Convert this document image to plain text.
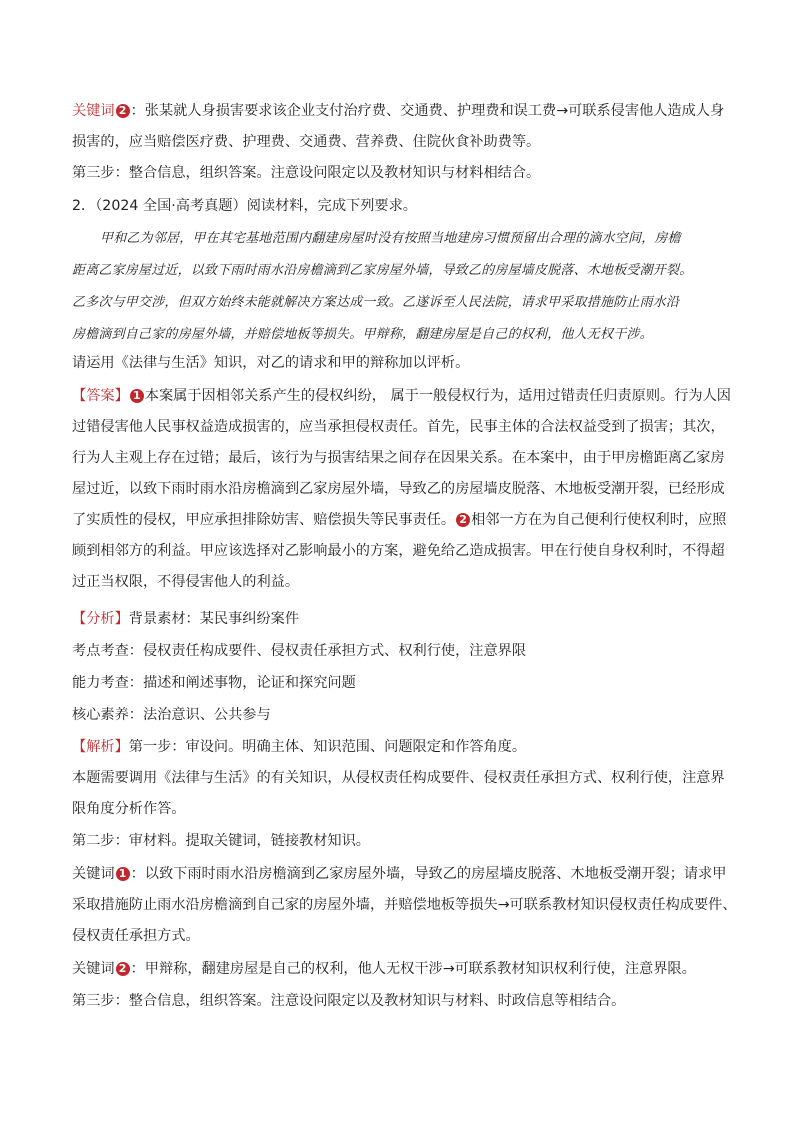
关键词 2 ：张某就人身损害要求该企业支付治疗费、交通费、护理费和误工费→可联系侵害他人造成人身
损害的，应当赔偿医疗费、护理费、交通费、营养费、住院伙食补助费等。
第三步：整合信息，组织答案。注意设问限定以及教材知识与材料相结合。
2．（2024 全国·高考真题）阅读材料，完成下列要求。
甲和乙为邻居，甲在其宅基地范围内翻建房屋时没有按照当地建房习惯预留出合理的滴水空间，房檐
距离乙家房屋过近，以致下雨时雨水沿房檐滴到乙家房屋外墙，导致乙的房屋墙皮脱落、木地板受潮开裂。
乙多次与甲交涉，但双方始终未能就解决方案达成一致。乙遂诉至人民法院，请求甲采取措施防止雨水沿
房檐滴到自己家的房屋外墙，并赔偿地板等损失。甲辩称，翻建房屋是自己的权利，他人无权干涉。
请运用《法律与生活》知识，对乙的请求和甲的辩称加以评析。
【答案】 1 本案属于因相邻关系产生的侵权纠纷， 属于一般侵权行为，适用过错责任归责原则。行为人因
过错侵害他人民事权益造成损害的，应当承担侵权责任。首先，民事主体的合法权益受到了损害；其次，
行为人主观上存在过错；最后，该行为与损害结果之间存在因果关系。在本案中，由于甲房檐距离乙家房
屋过近，以致下雨时雨水沿房檐滴到乙家房屋外墙，导致乙的房屋墙皮脱落、木地板受潮开裂，已经形成
了实质性的侵权，甲应承担排除妨害、赔偿损失等民事责任。 2 相邻一方在为自己便利行使权利时，应照
顾到相邻方的利益。甲应该选择对乙影响最小的方案，避免给乙造成损害。甲在行使自身权利时，不得超
过正当权限，不得侵害他人的利益。
【分析】背景素材：某民事纠纷案件
考点考查：侵权责任构成要件、侵权责任承担方式、权利行使，注意界限
能力考查：描述和阐述事物，论证和探究问题
核心素养：法治意识、公共参与
【解析】第一步：审设问。明确主体、知识范围、问题限定和作答角度。
本题需要调用《法律与生活》的有关知识，从侵权责任构成要件、侵权责任承担方式、权利行使，注意界
限角度分析作答。
第二步：审材料。提取关键词，链接教材知识。
关键词 1 ：以致下雨时雨水沿房檐滴到乙家房屋外墙，导致乙的房屋墙皮脱落、木地板受潮开裂；请求甲
采取措施防止雨水沿房檐滴到自己家的房屋外墙，并赔偿地板等损失→可联系教材知识侵权责任构成要件、
侵权责任承担方式。
关键词 2 ：甲辩称，翻建房屋是自己的权利，他人无权干涉→可联系教材知识权利行使，注意界限。
第三步：整合信息，组织答案。注意设问限定以及教材知识与材料、时政信息等相结合。
